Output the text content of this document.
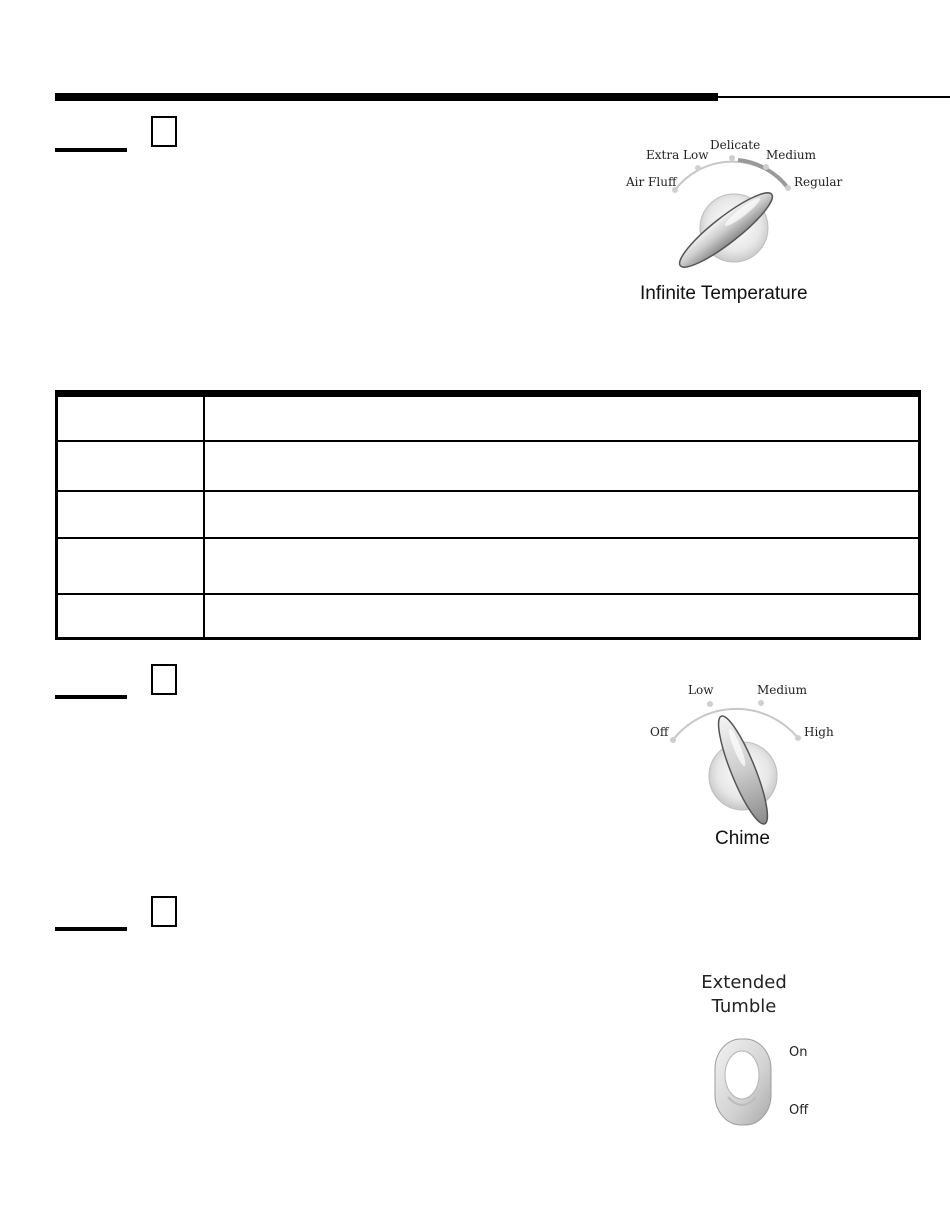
Air Fluff
Extra Low
Delicate
Medium
Regular
Infinite Temperature

Off
Low	Medium
High
Chime
Extended
Tumble
On
Off
